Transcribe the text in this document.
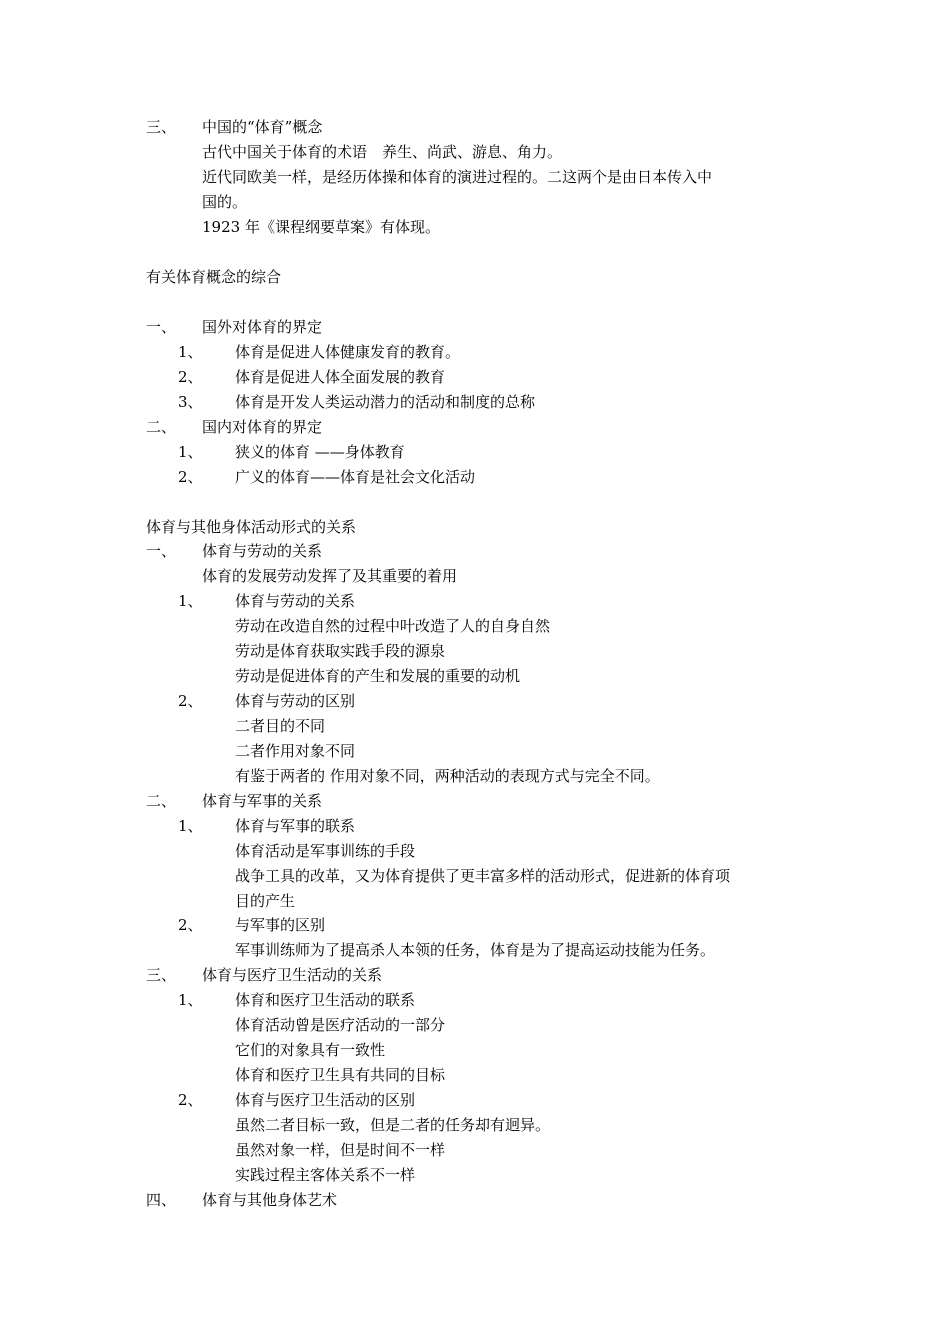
三、 中国的“体育”概念
古代中国关于体育的术语　养生、尚武、游息、角力。
近代同欧美一样，是经历体操和体育的演进过程的。二这两个是由日本传入中
国的。
1923 年《课程纲要草案》有体现。
有关体育概念的综合
一、 国外对体育的界定
1、 体育是促进人体健康发育的教育。
2、 体育是促进人体全面发展的教育
3、 体育是开发人类运动潜力的活动和制度的总称
二、 国内对体育的界定
1、 狭义的体育 ——身体教育
2、 广义的体育——体育是社会文化活动
体育与其他身体活动形式的关系
一、 体育与劳动的关系
体育的发展劳动发挥了及其重要的着用
1、 体育与劳动的关系
劳动在改造自然的过程中叶改造了人的自身自然
劳动是体育获取实践手段的源泉
劳动是促进体育的产生和发展的重要的动机
2、 体育与劳动的区别
二者目的不同
二者作用对象不同
有鉴于两者的 作用对象不同，两种活动的表现方式与完全不同。
二、 体育与军事的关系
1、 体育与军事的联系
体育活动是军事训练的手段
战争工具的改革，又为体育提供了更丰富多样的活动形式，促进新的体育项
目的产生
2、 与军事的区别
军事训练师为了提高杀人本领的任务，体育是为了提高运动技能为任务。
三、 体育与医疗卫生活动的关系
1、 体育和医疗卫生活动的联系
体育活动曾是医疗活动的一部分
它们的对象具有一致性
体育和医疗卫生具有共同的目标
2、 体育与医疗卫生活动的区别
虽然二者目标一致，但是二者的任务却有迥异。
虽然对象一样，但是时间不一样
实践过程主客体关系不一样
四、 体育与其他身体艺术
